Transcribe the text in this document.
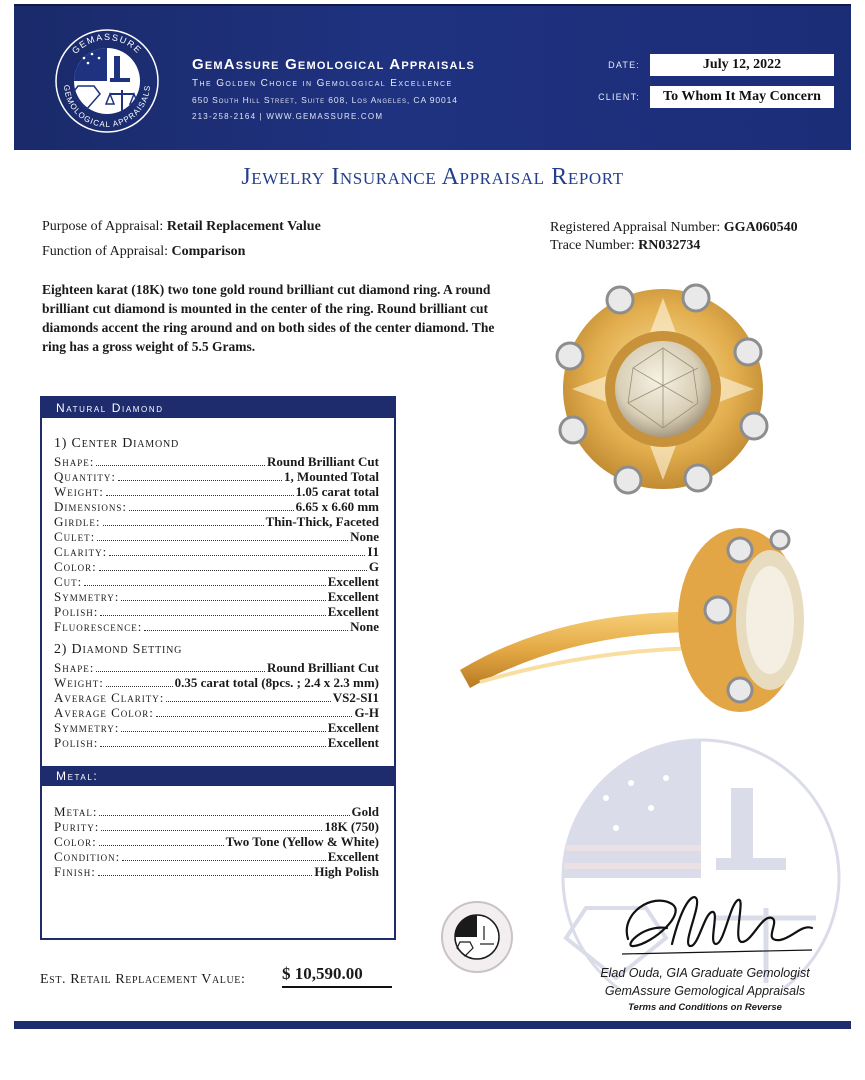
GEMASSURE
GEMOLOGICAL APPRAISALS
GemAssure Gemological Appraisals
The Golden Choice in Gemological Excellence
650 South Hill Street, Suite 608, Los Angeles, CA 90014
213-258-2164 | WWW.GEMASSURE.COM
DATE:	July 12, 2022
CLIENT:	To Whom It May Concern
Jewelry Insurance Appraisal Report
Purpose of Appraisal: Retail Replacement Value
Function of Appraisal: Comparison
Registered Appraisal Number: GGA060540
Trace Number: RN032734
Eighteen karat (18K) two tone gold round brilliant cut diamond ring. A round brilliant cut diamond is mounted in the center of the ring. Round brilliant cut diamonds accent the ring around and on both sides of the center diamond. The ring has a gross weight of 5.5 Grams.
Natural Diamond
1) Center Diamond
Shape:	Round Brilliant Cut
Quantity:	1, Mounted Total
Weight:	1.05 carat total
Dimensions:	6.65 x 6.60 mm
Girdle:	Thin-Thick, Faceted
Culet:	None
Clarity:	I1
Color:	G
Cut:	Excellent
Symmetry:	Excellent
Polish:	Excellent
Fluorescence:	None
2) Diamond Setting
Shape:	Round Brilliant Cut
Weight:	0.35 carat total (8pcs. ; 2.4 x 2.3 mm)
Average Clarity:	VS2-SI1
Average Color:	G-H
Symmetry:	Excellent
Polish:	Excellent
Metal:
Metal:	Gold
Purity:	18K (750)
Color:	Two Tone (Yellow & White)
Condition:	Excellent
Finish:	High Polish
Est. Retail Replacement Value: $ 10,590.00	Elad Ouda, GIA Graduate Gemologist
GemAssure Gemological Appraisals
Terms and Conditions on Reverse
